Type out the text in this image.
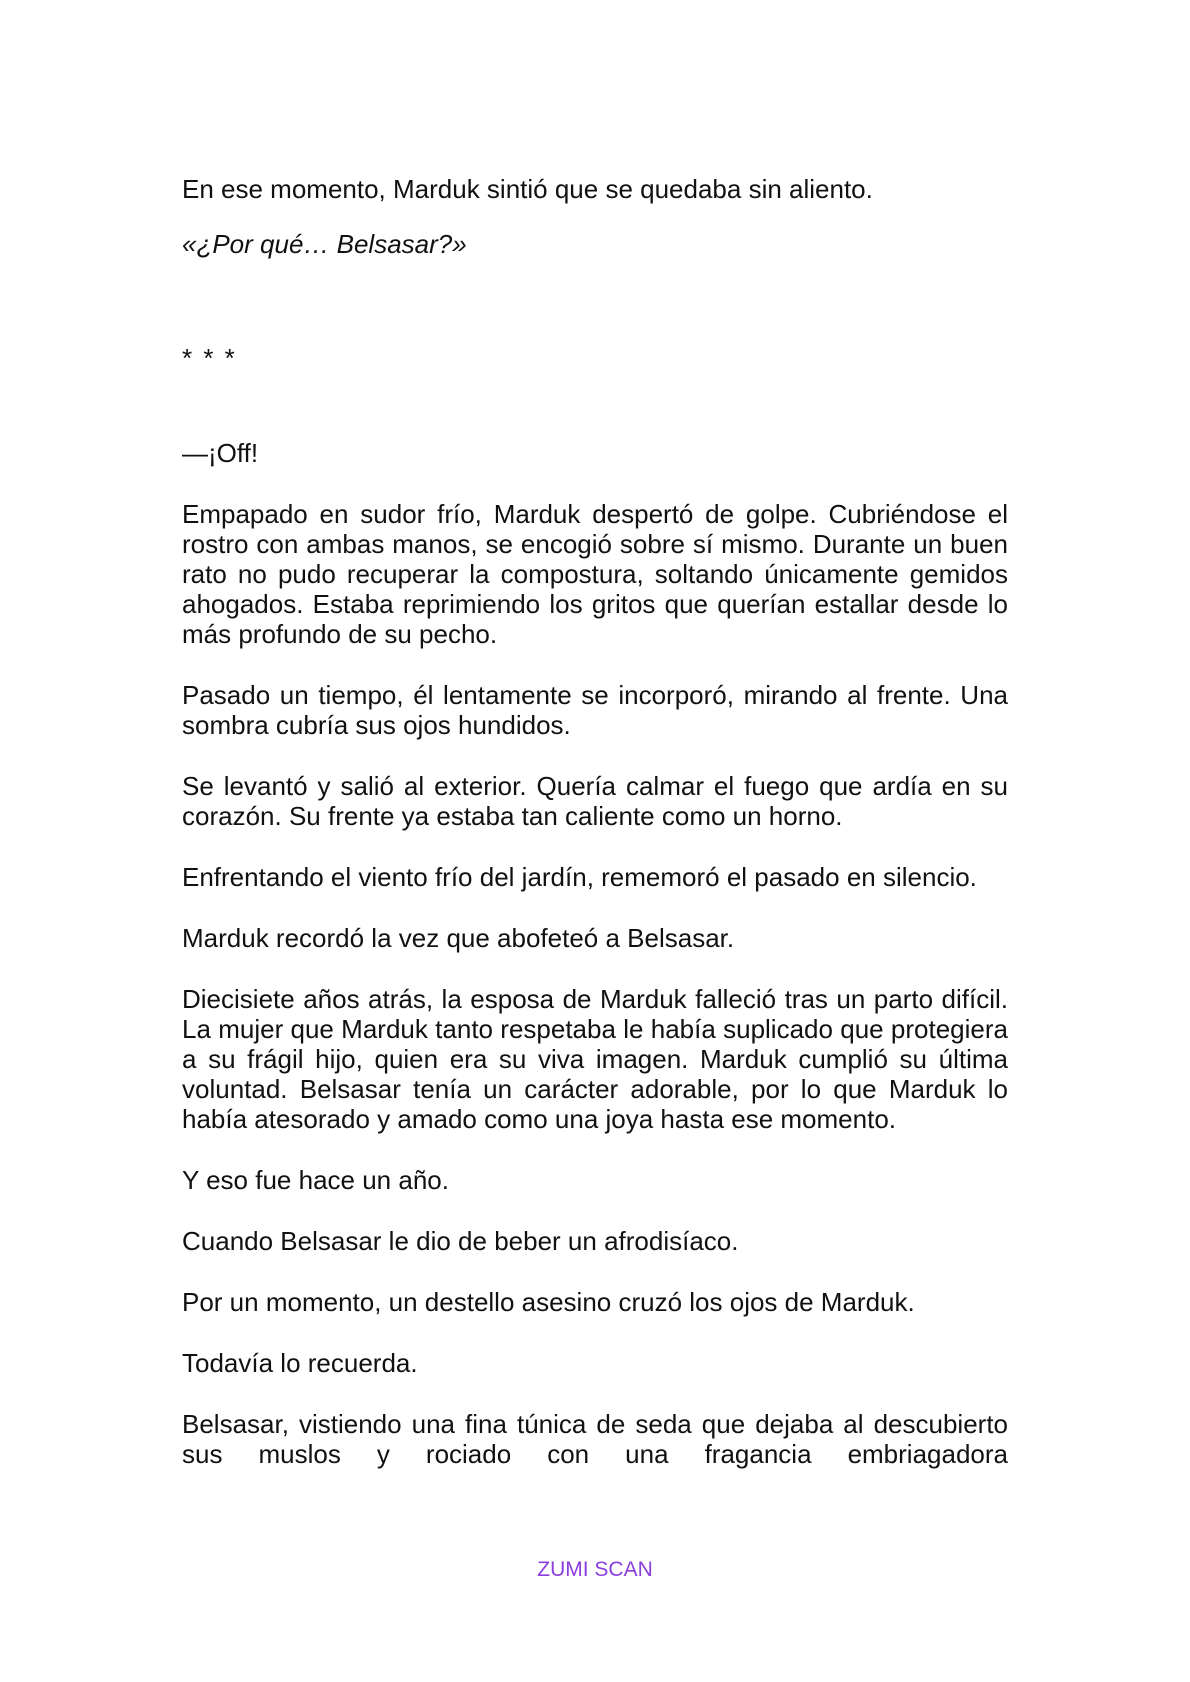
En ese momento, Marduk sintió que se quedaba sin aliento.

«¿Por qué… Belsasar?»

* * *

—¡Off!

Empapado en sudor frío, Marduk despertó de golpe. Cubriéndose el rostro con ambas manos, se encogió sobre sí mismo. Durante un buen rato no pudo recuperar la compostura, soltando únicamente gemidos ahogados. Estaba reprimiendo los gritos que querían estallar desde lo más profundo de su pecho.

Pasado un tiempo, él lentamente se incorporó, mirando al frente. Una sombra cubría sus ojos hundidos.

Se levantó y salió al exterior. Quería calmar el fuego que ardía en su corazón. Su frente ya estaba tan caliente como un horno.

Enfrentando el viento frío del jardín, rememoró el pasado en silencio.

Marduk recordó la vez que abofeteó a Belsasar.

Diecisiete años atrás, la esposa de Marduk falleció tras un parto difícil. La mujer que Marduk tanto respetaba le había suplicado que protegiera a su frágil hijo, quien era su viva imagen. Marduk cumplió su última voluntad. Belsasar tenía un carácter adorable, por lo que Marduk lo había atesorado y amado como una joya hasta ese momento.

Y eso fue hace un año.

Cuando Belsasar le dio de beber un afrodisíaco.

Por un momento, un destello asesino cruzó los ojos de Marduk.

Todavía lo recuerda.

Belsasar, vistiendo una fina túnica de seda que dejaba al descubierto sus muslos y rociado con una fragancia embriagadora

ZUMI SCAN
